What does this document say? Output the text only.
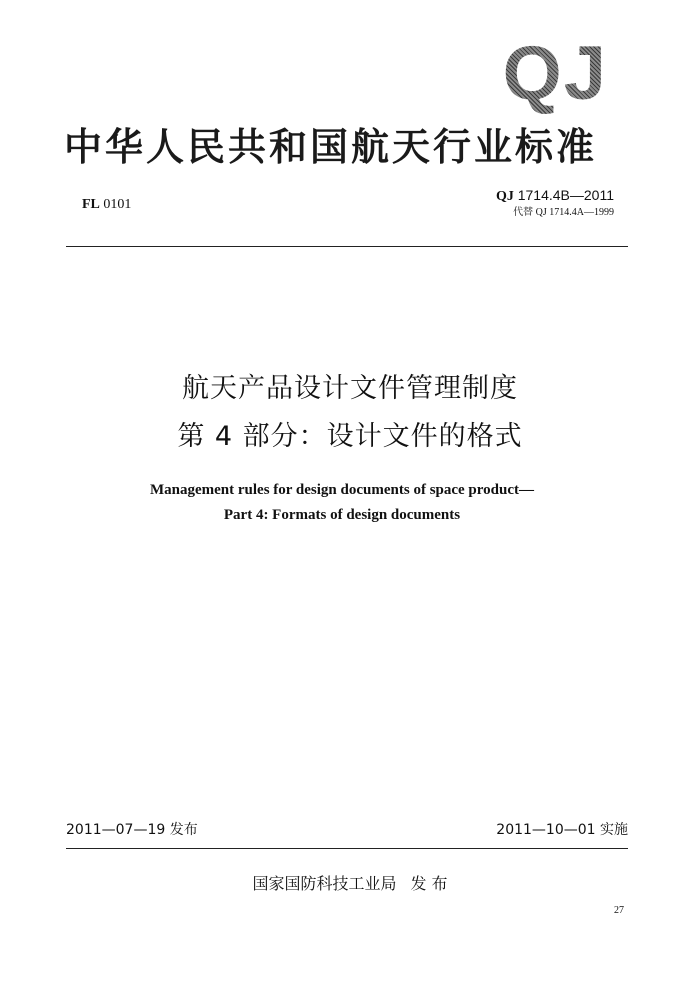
QJ
中华人民共和国航天行业标准
FL 0101
QJ 1714.4B—2011
代替 QJ 1714.4A—1999
航天产品设计文件管理制度
第 4 部分：设计文件的格式
Management rules for design documents of space product—
Part 4: Formats of design documents
2011—07—19 发布	2011—10—01 实施
国家国防科技工业局 发 布
27
